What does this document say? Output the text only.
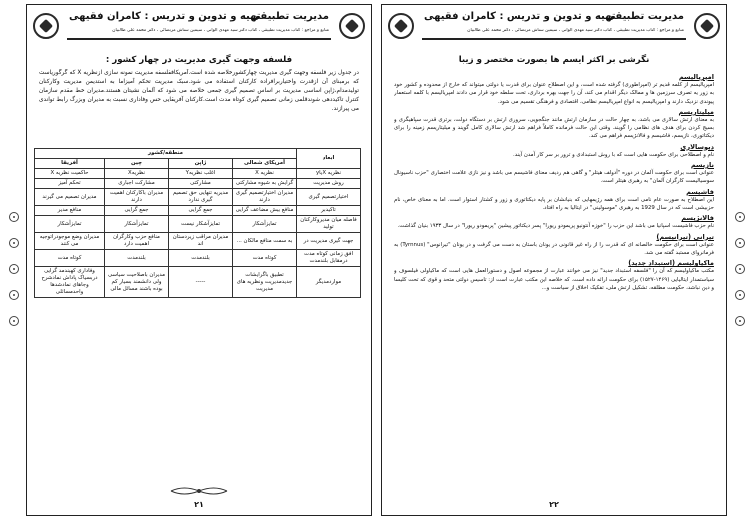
مدیریت تطبیقی
تهیه و تدوین و تدریس : کامران فقیهی
منابع و مراجع : کتاب مدیریت تطبیقی ، کتاب دکتر سید مهدی الوانی ، سیمین ستاش مرتضائی ، دکتر محمد علی طالبیان
فلسفه وجهت گیری مدیریت در چهار کشور :

در جدول زیر فلسفه وجهت گیری مدیریت چهارکشورخلاصه شده است.آمریکاففلسفه مدیریت نمونه سازی ازنظریه X که گرگوریاست که برمبنای آن ازقدرت واختیاربرافراده کارکنان استفاده می شود.سبک مدیریت تحکم آمیزاما به استدیمن مدیریت وکارکنان تولیدمدام،ژاپن اساسی مدیریت بر اساس تصمیم گیری جمعی خلاصه می شود که آلمان نشیتان هستند.مدیران خط مقدم سازمان کنترل تاکیددهی شوندقلمی زمانی تصمیم گیری کوتاه مدت است.کارکنان آفریقایی حس وفاداری نسبت به مدیران وبزرگ رابط تواندی می پیرازند.

ابعاد	منطقه/کشور			
	آمریکای شمالی	ژاپن	چین	آفریقا
نظریه Xیاy	نظریه X	اغلب نظریهY	نظریهX	حاکمیت نظریه X
روش مدیریت	گرایش به شیوه مشارکتی	مشارکتی	مشارکت اجباری	تحکم آمیز
اختیارتصمیم گیری	مدیران اختیارتصمیم گیری دارند	مدیریه تنهایی حق تصمیم گیری ندارد	مدیران باکارکنان اهمیت دارند	مدیران تصمیم می گیرند
تاکیدبر	منافع بیش مضاعف گرایی	جمع گرایی	جمع گرایی	منافع مدیر
فاصله میان مدیروکارکنان تولید	تمایزآشکار	تمایزآشکار نیست	تمایزآشکار	تمایزآشکار
جهت گیری مدیریت در	به سمت منافع مالکان ...	مدیران مراقب زیردستان اند	منافع حزب وکارگران اهمیت دارد	مدیران وضع موجودراتوجیه می کنند
افق زمانی کوتاه مدت درمقابل بلندمدت	کوتاه مدت	بلندمدت	بلندمدت	کوتاه مدت
مواردمدیگر	تطبیق باگرایشات جدیدمدیریت ونظریه های مدیریت	-----	مدیران باصلاحیت سیاسی ولی دانشمند بسیار کم بوده باشند مسائل مالی	وفاداری کهبندمد گرایی دربسیاک پاداش نمادشرح وجاهای نمادشدها واحدمسائلی
۲۱
مدیریت تطبیقی
تهیه و تدوین و تدریس : کامران فقیهی
منابع و مراجع : کتاب مدیریت تطبیقی ، کتاب دکتر سید مهدی الوانی ، سیمین ستاش مرتضائی ، دکتر محمد علی طالبیان
نگرشی بر اکثر ایسم ها بصورت مختصر و زیبا
امپریالیسم

امپریالیسم از کلمه قدیم تر (امپراطوری) گرفته شده است، و این اصطلاح عنوان برای قدرت یا دولتی میتواند که خارج از محدوده و کشور خود به زور یه تصرف سرزمین ها و ممالک دیگر اقدام می کند، آن را جهت بهره برداری، تحت سلطه خود قرار می دادند امپریالیسم با کلمه استعمار پیوندی نزدیک دارند و امپریالیسم به انواع امپریالیسم نظامی، اقتصادی و فرهنگی تقسیم می شود.

میلیتاریسم

به معنای ارتش سالاری می باشد، به چهار حالت در سازمان ارتش مانند جنگجویی، سروری ارتش بر دستگاه دولت، برتری قدرت سپاهیگری و بسیج کردن برای هدف های نظامی را گویند. وقتی این حالت فرمانده کاملاً فراهم شد ارتش سالاری کامل گویند و میلیتاریسم زمینه را برای دیکتاتوری، نازیسم، فاشیسم و فالانژیسم فراهم می کند.

دیوسالاری

نام و اصطلاحی برای حکومت هایی است که با روش استبدادی و ترور بر سر کار آمدن آیند.

نازیسم

عنوانی است برای حکومت آلمان در دوره "آدولف هیتلر" و گاهی هم ردیف معنای فاشیسم می باشد و نیز نازی علامت اختصاری "حزب ناسیونال سوسیالیست کارگران آلمان" به رهبری هیتلر است.

فاشیسم

این اصطلاح به صورت عام نامی است برای همه رژیمهایی که بنیانشان بر پایه دیکتاتوری و زور و کشتار استوار است. اما به معنای خاص، نام حزبیشی است که در سال 1929 به رهبری "موسولینی" در ایتالیا به راه افتاد.

فالانژیسم

نام حزب فاشیست اسپانیا می باشد این حزب را "خوزه آنتونیو پریمودو ریورا" پسر دیکتاتور پیشین "پریمودو ریورا" در سال ۱۹۳۳ بنیان گذاشت.

تیرانی (تیرانیسم)

عنوانی است برای حکومت خالصانه ای که قدرت را از راه غیر قانونی در یونان باستان به دست می گرفت و در یونان "تیرانوس" (Tyrnnus) به فرمانروای مستبد گفته می شد.

ماکیاولیسم (استبداد جدید)

مکتب ماکیاولیسم که آن را "فلسفه استبداد جدید" نیز می خوانند عبارت از مجموعه اصول و دستورالعمل هایی است که ماکیاولی فیلسوف و سیاستمدار ایتالیایی (۱۴۶۹-۱۵۲۷) برای حکومت ارائه داده است. که خلاصه این مکتب عبارت است از: تاسیس دولتی متحد و قوی که تحت کلیسا و دین نباشد، حکومت مطلقه، تشکیل ارتش ملی، تفکیک اخلاق از سیاست و...

۲۲
